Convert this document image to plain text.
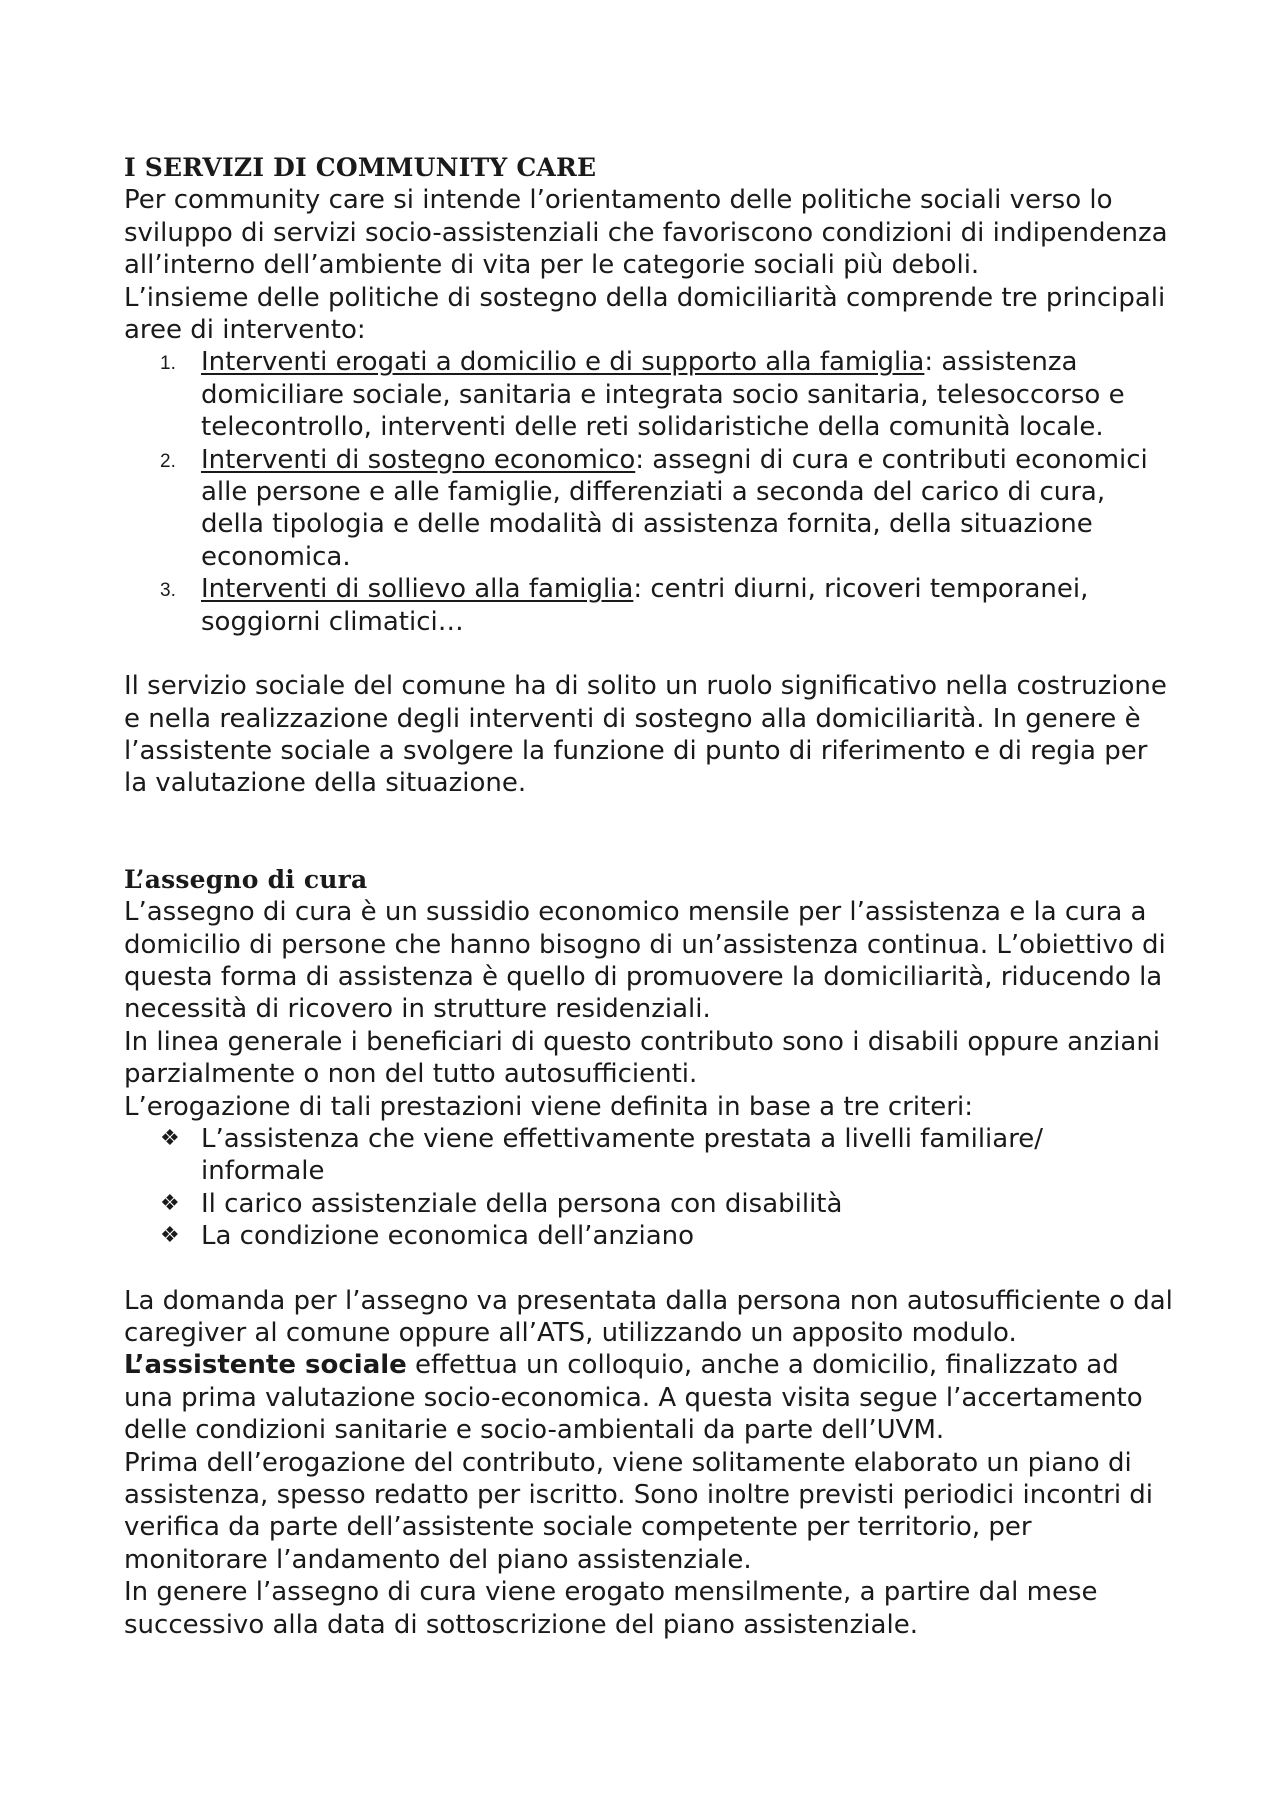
I SERVIZI DI COMMUNITY CARE

Per community care si intende l’orientamento delle politiche sociali verso lo sviluppo di servizi socio-assistenziali che favoriscono condizioni di indipendenza all’interno dell’ambiente di vita per le categorie sociali più deboli.

L’insieme delle politiche di sostegno della domiciliarità comprende tre principali aree di intervento:

1. Interventi erogati a domicilio e di supporto alla famiglia: assistenza domiciliare sociale, sanitaria e integrata socio sanitaria, telesoccorso e telecontrollo, interventi delle reti solidaristiche della comunità locale.
2. Interventi di sostegno economico: assegni di cura e contributi economici alle persone e alle famiglie, differenziati a seconda del carico di cura, della tipologia e delle modalità di assistenza fornita, della situazione economica.
3. Interventi di sollievo alla famiglia: centri diurni, ricoveri temporanei, soggiorni climatici…

Il servizio sociale del comune ha di solito un ruolo significativo nella costruzione e nella realizzazione degli interventi di sostegno alla domiciliarità. In genere è l’assistente sociale a svolgere la funzione di punto di riferimento e di regia per la valutazione della situazione.

L’assegno di cura

L’assegno di cura è un sussidio economico mensile per l’assistenza e la cura a domicilio di persone che hanno bisogno di un’assistenza continua. L’obiettivo di questa forma di assistenza è quello di promuovere la domiciliarità, riducendo la necessità di ricovero in strutture residenziali.

In linea generale i beneficiari di questo contributo sono i disabili oppure anziani parzialmente o non del tutto autosufficienti.

L’erogazione di tali prestazioni viene definita in base a tre criteri:

❖ L’assistenza che viene effettivamente prestata a livelli familiare/ informale
❖ Il carico assistenziale della persona con disabilità
❖ La condizione economica dell’anziano

La domanda per l’assegno va presentata dalla persona non autosufficiente o dal caregiver al comune oppure all’ATS, utilizzando un apposito modulo.

L’assistente sociale effettua un colloquio, anche a domicilio, finalizzato ad una prima valutazione socio-economica. A questa visita segue l’accertamento delle condizioni sanitarie e socio-ambientali da parte dell’UVM.

Prima dell’erogazione del contributo, viene solitamente elaborato un piano di assistenza, spesso redatto per iscritto. Sono inoltre previsti periodici incontri di verifica da parte dell’assistente sociale competente per territorio, per monitorare l’andamento del piano assistenziale.

In genere l’assegno di cura viene erogato mensilmente, a partire dal mese successivo alla data di sottoscrizione del piano assistenziale.
